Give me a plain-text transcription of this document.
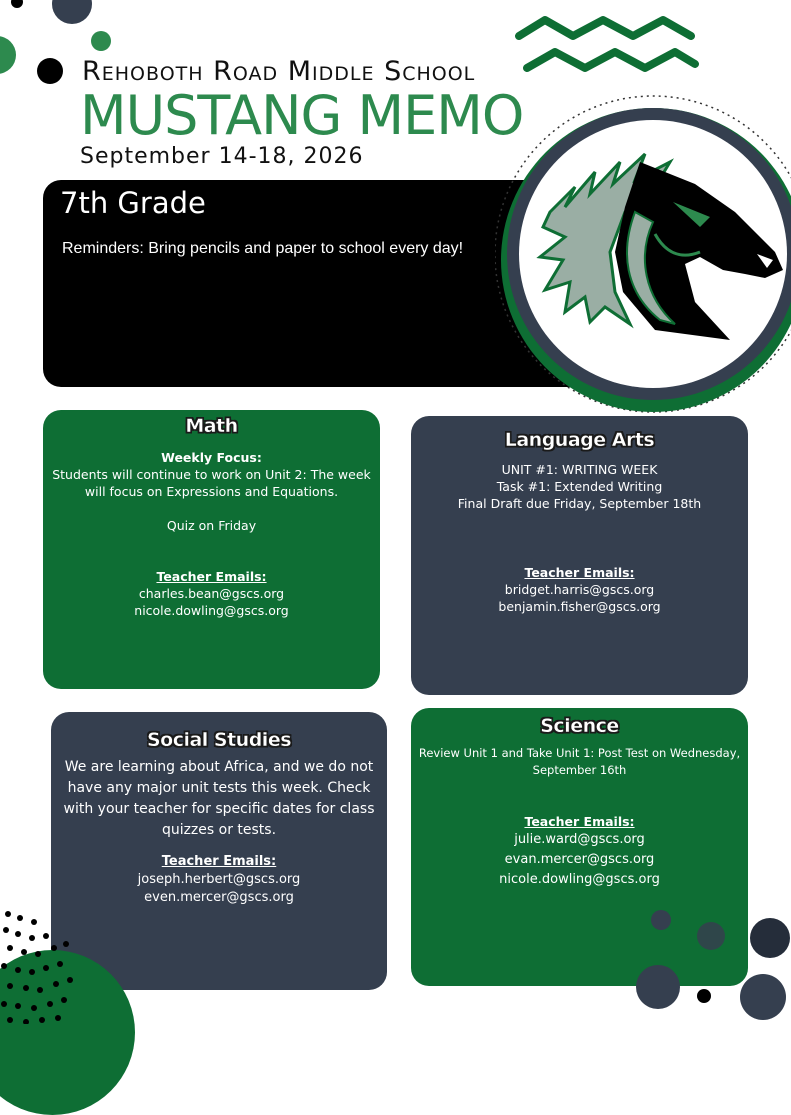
Rehoboth Road Middle School
MUSTANG MEMO
September 14-18, 2026
7th Grade
Reminders: Bring pencils and paper to school every day!
Math
Weekly Focus:
Students will continue to work on Unit 2: The week
will focus on Expressions and Equations.
Quiz on Friday
Teacher Emails:
charles.bean@gscs.org
nicole.dowling@gscs.org
Language Arts
UNIT #1: WRITING WEEK
Task #1: Extended Writing
Final Draft due Friday, September 18th
Teacher Emails:
bridget.harris@gscs.org
benjamin.fisher@gscs.org
Social Studies
We are learning about Africa, and we do not
have any major unit tests this week. Check
with your teacher for specific dates for class
quizzes or tests.
Teacher Emails:
joseph.herbert@gscs.org
even.mercer@gscs.org
Science
Review Unit 1 and Take Unit 1: Post Test on Wednesday,
September 16th
Teacher Emails:
julie.ward@gscs.org
evan.mercer@gscs.org
nicole.dowling@gscs.org
